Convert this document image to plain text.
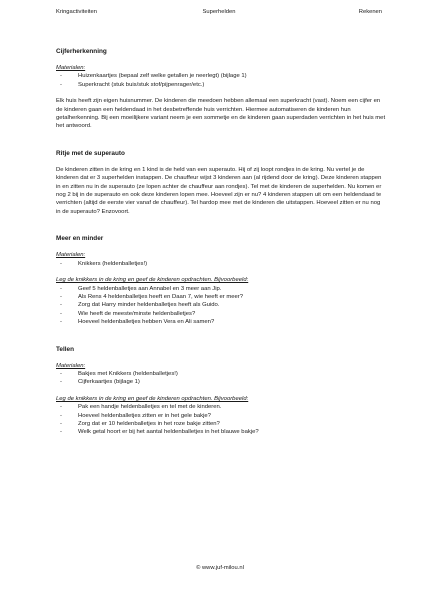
Kringactiviteiten	Superhelden	Rekenen
Cijferherkenning
Materialen:
-	Huizenkaartjes (bepaal zelf welke getallen je neerlegt) (bijlage 1)
-	Superkracht (stuk buis/stuk stof/pijpenrager/etc.)

Elk huis heeft zijn eigen huisnummer. De kinderen die meedoen hebben allemaal een superkracht (vast). Noem een cijfer en de kinderen gaan een heldendaad in het desbetreffende huis verrichten. Hiermee automatiseren de kinderen hun getalherkenning. Bij een moeilijkere variant neem je een sommetje en de kinderen gaan superdaden verrichten in het huis met het antwoord.

Ritje met de superauto

De kinderen zitten in de kring en 1 kind is de held van een superauto. Hij of zij loopt rondjes in de kring. Nu vertel je de kinderen dat er 3 superhelden instappen. De chauffeur wijst 3 kinderen aan (al rijdend door de kring). Deze kinderen stappen in en zitten nu in de superauto (ze lopen achter de chauffeur aan rondjes). Tel met de kinderen de superhelden. Nu komen er nog 2 bij in de superauto en ook deze kinderen lopen mee. Hoeveel zijn er nu? 4 kinderen stappen uit om een heldendaad te verrichten (altijd de eerste vier vanaf de chauffeur). Tel hardop mee met de kinderen die uitstappen. Hoeveel zitten er nu nog in de superauto? Enzovoort.

Meer en minder
Materialen:
-	Knikkers (heldenballetjes!)
Leg de knikkers in de kring en geef de kinderen opdrachten. Bijvoorbeeld:
-	Geef 5 heldenballetjes aan Annabel en 3 meer aan Jip.
-	Als Rens 4 heldenballetjes heeft en Daan 7, wie heeft er meer?
-	Zorg dat Harry minder heldenballetjes heeft als Guido.
-	Wie heeft de meeste/minste heldenballetjes?
-	Hoeveel heldenballetjes hebben Vera en Ali samen?
Tellen
Materialen:
-	Bakjes met Knikkers (heldenballetjes!)
-	Cijferkaartjes (bijlage 1)
Leg de knikkers in de kring en geef de kinderen opdrachten. Bijvoorbeeld:
-	Pak een handje heldenballetjes en tel met de kinderen.
-	Hoeveel heldenballetjes zitten er in het gele bakje?
-	Zorg dat er 10 heldenballetjes in het roze bakje zitten?
-	Welk getal hoort er bij het aantal heldenballetjes in het blauwe bakje?
© www.juf-milou.nl
